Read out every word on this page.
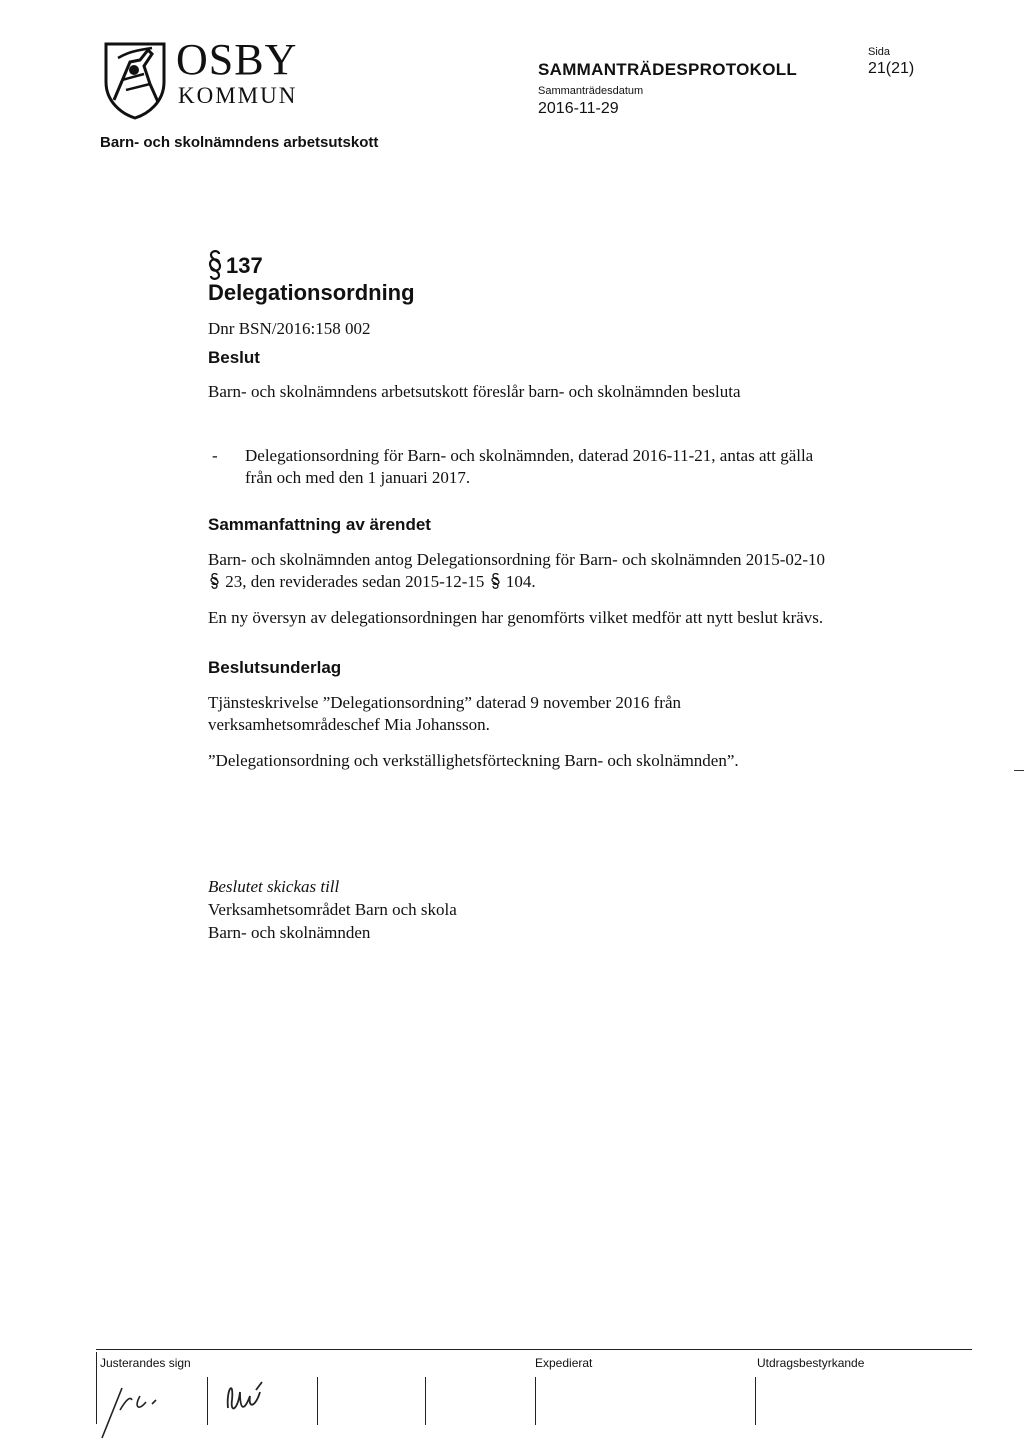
OSBY
KOMMUN
SAMMANTRÄDESPROTOKOLL
Sammanträdesdatum
2016-11-29
Sida
21(21)
Barn- och skolnämndens arbetsutskott
137
Delegationsordning
Dnr BSN/2016:158 002
Beslut
Barn- och skolnämndens arbetsutskott föreslår barn- och skolnämnden besluta
- Delegationsordning för Barn- och skolnämnden, daterad 2016-11-21, antas att gälla från och med den 1 januari 2017.
Sammanfattning av ärendet
Barn- och skolnämnden antog Delegationsordning för Barn- och skolnämnden 2015-02-10  23, den reviderades sedan 2015-12-15 104.
En ny översyn av delegationsordningen har genomförts vilket medför att nytt beslut krävs.
Beslutsunderlag
Tjänsteskrivelse ”Delegationsordning” daterad 9 november 2016 från verksamhetsområdeschef Mia Johansson.
”Delegationsordning och verkställighetsförteckning Barn- och skolnämnden”.
Beslutet skickas till
Verksamhetsområdet Barn och skola
Barn- och skolnämnden
Justerandes sign	Expedierat	Utdragsbestyrkande
